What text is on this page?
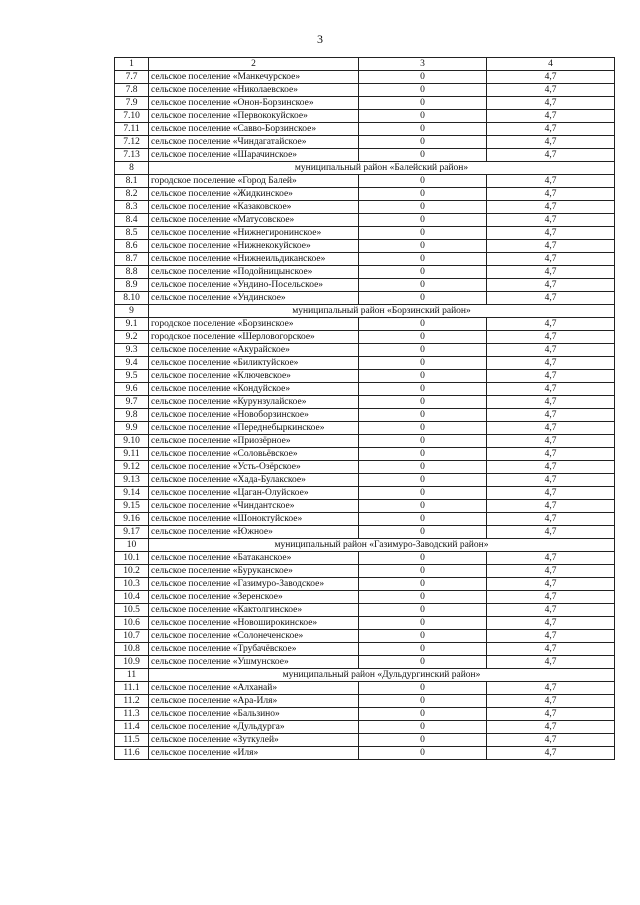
3
1	2	3	4
7.7	сельское поселение «Манкечурское»	0	4,7
7.8	сельское поселение «Николаевское»	0	4,7
7.9	сельское поселение «Онон-Борзинское»	0	4,7
7.10	сельское поселение «Первококуйское»	0	4,7
7.11	сельское поселение «Савво-Борзинское»	0	4,7
7.12	сельское поселение «Чиндагатайское»	0	4,7
7.13	сельское поселение «Шарачинское»	0	4,7
8	муниципальный район «Балейский район»		
8.1	городское поселение «Город Балей»	0	4,7
8.2	сельское поселение «Жидкинское»	0	4,7
8.3	сельское поселение «Казаковское»	0	4,7
8.4	сельское поселение «Матусовское»	0	4,7
8.5	сельское поселение «Нижнегиронинское»	0	4,7
8.6	сельское поселение «Нижнекокуйское»	0	4,7
8.7	сельское поселение «Нижнеильдиканское»	0	4,7
8.8	сельское поселение «Подойницынское»	0	4,7
8.9	сельское поселение «Ундино-Посельское»	0	4,7
8.10	сельское поселение «Ундинское»	0	4,7
9	муниципальный район «Борзинский район»		
9.1	городское поселение «Борзинское»	0	4,7
9.2	городское поселение «Шерловогорское»	0	4,7
9.3	сельское поселение «Акурайское»	0	4,7
9.4	сельское поселение «Биликтуйское»	0	4,7
9.5	сельское поселение «Ключевское»	0	4,7
9.6	сельское поселение «Кондуйское»	0	4,7
9.7	сельское поселение «Курунзулайское»	0	4,7
9.8	сельское поселение «Новоборзинское»	0	4,7
9.9	сельское поселение «Переднебыркинское»	0	4,7
9.10	сельское поселение «Приозёрное»	0	4,7
9.11	сельское поселение «Соловьёвское»	0	4,7
9.12	сельское поселение «Усть-Озёрское»	0	4,7
9.13	сельское поселение «Хада-Булакское»	0	4,7
9.14	сельское поселение «Цаган-Олуйское»	0	4,7
9.15	сельское поселение «Чиндантское»	0	4,7
9.16	сельское поселение «Шоноктуйское»	0	4,7
9.17	сельское поселение «Южное»	0	4,7
10	муниципальный район «Газимуро-Заводский район»		
10.1	сельское поселение «Батаканское»	0	4,7
10.2	сельское поселение «Буруканское»	0	4,7
10.3	сельское поселение «Газимуро-Заводское»	0	4,7
10.4	сельское поселение «Зеренское»	0	4,7
10.5	сельское поселение «Кактолгинское»	0	4,7
10.6	сельское поселение «Новоширокинское»	0	4,7
10.7	сельское поселение «Солонеченское»	0	4,7
10.8	сельское поселение «Трубачёвское»	0	4,7
10.9	сельское поселение «Ушмунское»	0	4,7
11	муниципальный район «Дульдургинский район»		
11.1	сельское поселение «Алханай»	0	4,7
11.2	сельское поселение «Ара-Иля»	0	4,7
11.3	сельское поселение «Бальзино»	0	4,7
11.4	сельское поселение «Дульдурга»	0	4,7
11.5	сельское поселение «Зуткулей»	0	4,7
11.6	сельское поселение «Иля»	0	4,7
